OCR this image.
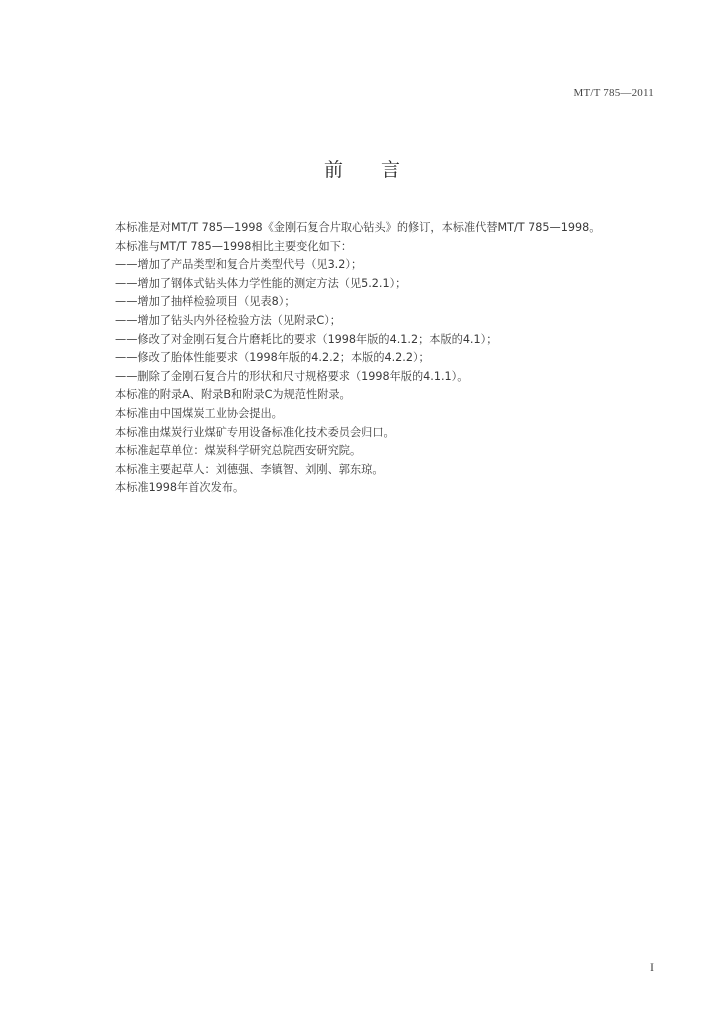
MT/T 785—2011
前言
本标准是对MT/T 785—1998《金刚石复合片取心钻头》的修订，本标准代替MT/T 785—1998。
本标准与MT/T 785—1998相比主要变化如下：
——增加了产品类型和复合片类型代号（见3.2）；
——增加了钢体式钻头体力学性能的测定方法（见5.2.1）；
——增加了抽样检验项目（见表8）；
——增加了钻头内外径检验方法（见附录C）；
——修改了对金刚石复合片磨耗比的要求（1998年版的4.1.2；本版的4.1）；
——修改了胎体性能要求（1998年版的4.2.2；本版的4.2.2）；
——删除了金刚石复合片的形状和尺寸规格要求（1998年版的4.1.1）。
本标准的附录A、附录B和附录C为规范性附录。
本标准由中国煤炭工业协会提出。
本标准由煤炭行业煤矿专用设备标准化技术委员会归口。
本标准起草单位：煤炭科学研究总院西安研究院。
本标准主要起草人：刘德强、李镇智、刘刚、郭东琼。
本标准1998年首次发布。
I
